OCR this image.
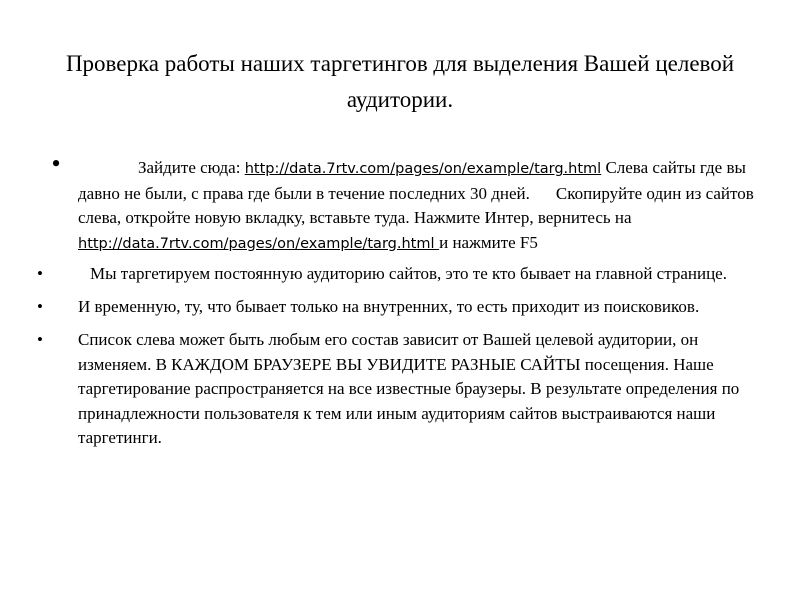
Проверка работы наших таргетингов для выделения Вашей целевой аудитории.
•	Зайдите сюда: http://data.7rtv.com/pages/on/example/targ.html Слева сайты где вы давно не были, с права где были в течение последних 30 дней. Скопируйте один из сайтов слева, откройте новую вкладку, вставьте туда. Нажмите Интер, вернитесь на http://data.7rtv.com/pages/on/example/targ.html и нажмите F5
•	Мы таргетируем постоянную аудиторию сайтов, это те кто бывает на главной странице.
•	И временную, ту, что бывает только на внутренних, то есть приходит из поисковиков.
•	Список слева может быть любым его состав зависит от Вашей целевой аудитории, он изменяем. В КАЖДОМ БРАУЗЕРЕ ВЫ УВИДИТЕ РАЗНЫЕ САЙТЫ посещения. Наше таргетирование распространяется на все известные браузеры. В результате определения по принадлежности пользователя к тем или иным аудиториям сайтов выстраиваются наши таргетинги.
